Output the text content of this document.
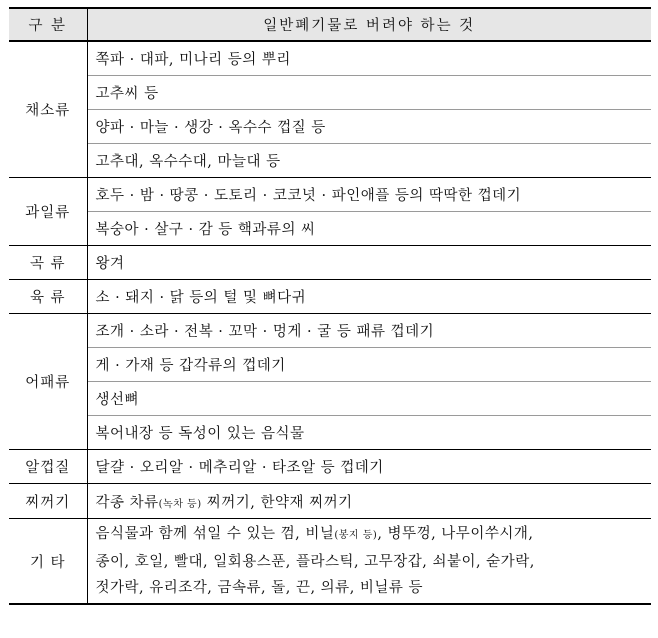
구 분	일반폐기물로 버려야 하는 것
채소류	쪽파 · 대파, 미나리 등의 뿌리
	고추씨 등
	양파 · 마늘 · 생강 · 옥수수 껍질 등
	고추대, 옥수수대, 마늘대 등
과일류	호두 · 밤 · 땅콩 · 도토리 · 코코넛 · 파인애플 등의 딱딱한 껍데기
	복숭아 · 살구 · 감 등 핵과류의 씨
곡 류	왕겨
육 류	소 · 돼지 · 닭 등의 털 및 뼈다귀
어패류	조개 · 소라 · 전복 · 꼬막 · 멍게 · 굴 등 패류 껍데기
	게 · 가재 등 갑각류의 껍데기
	생선뼈
	복어내장 등 독성이 있는 음식물
알껍질	달걀 · 오리알 · 메추리알 · 타조알 등 껍데기
찌꺼기	각종 차류(녹차 등) 찌꺼기, 한약재 찌꺼기
기 타	음식물과 함께 섞일 수 있는 껌, 비닐(봉지 등), 병뚜껑, 나무이쑤시개,
종이, 호일, 빨대, 일회용스푼, 플라스틱, 고무장갑, 쇠붙이, 숟가락,
젓가락, 유리조각, 금속류, 돌, 끈, 의류, 비닐류 등
